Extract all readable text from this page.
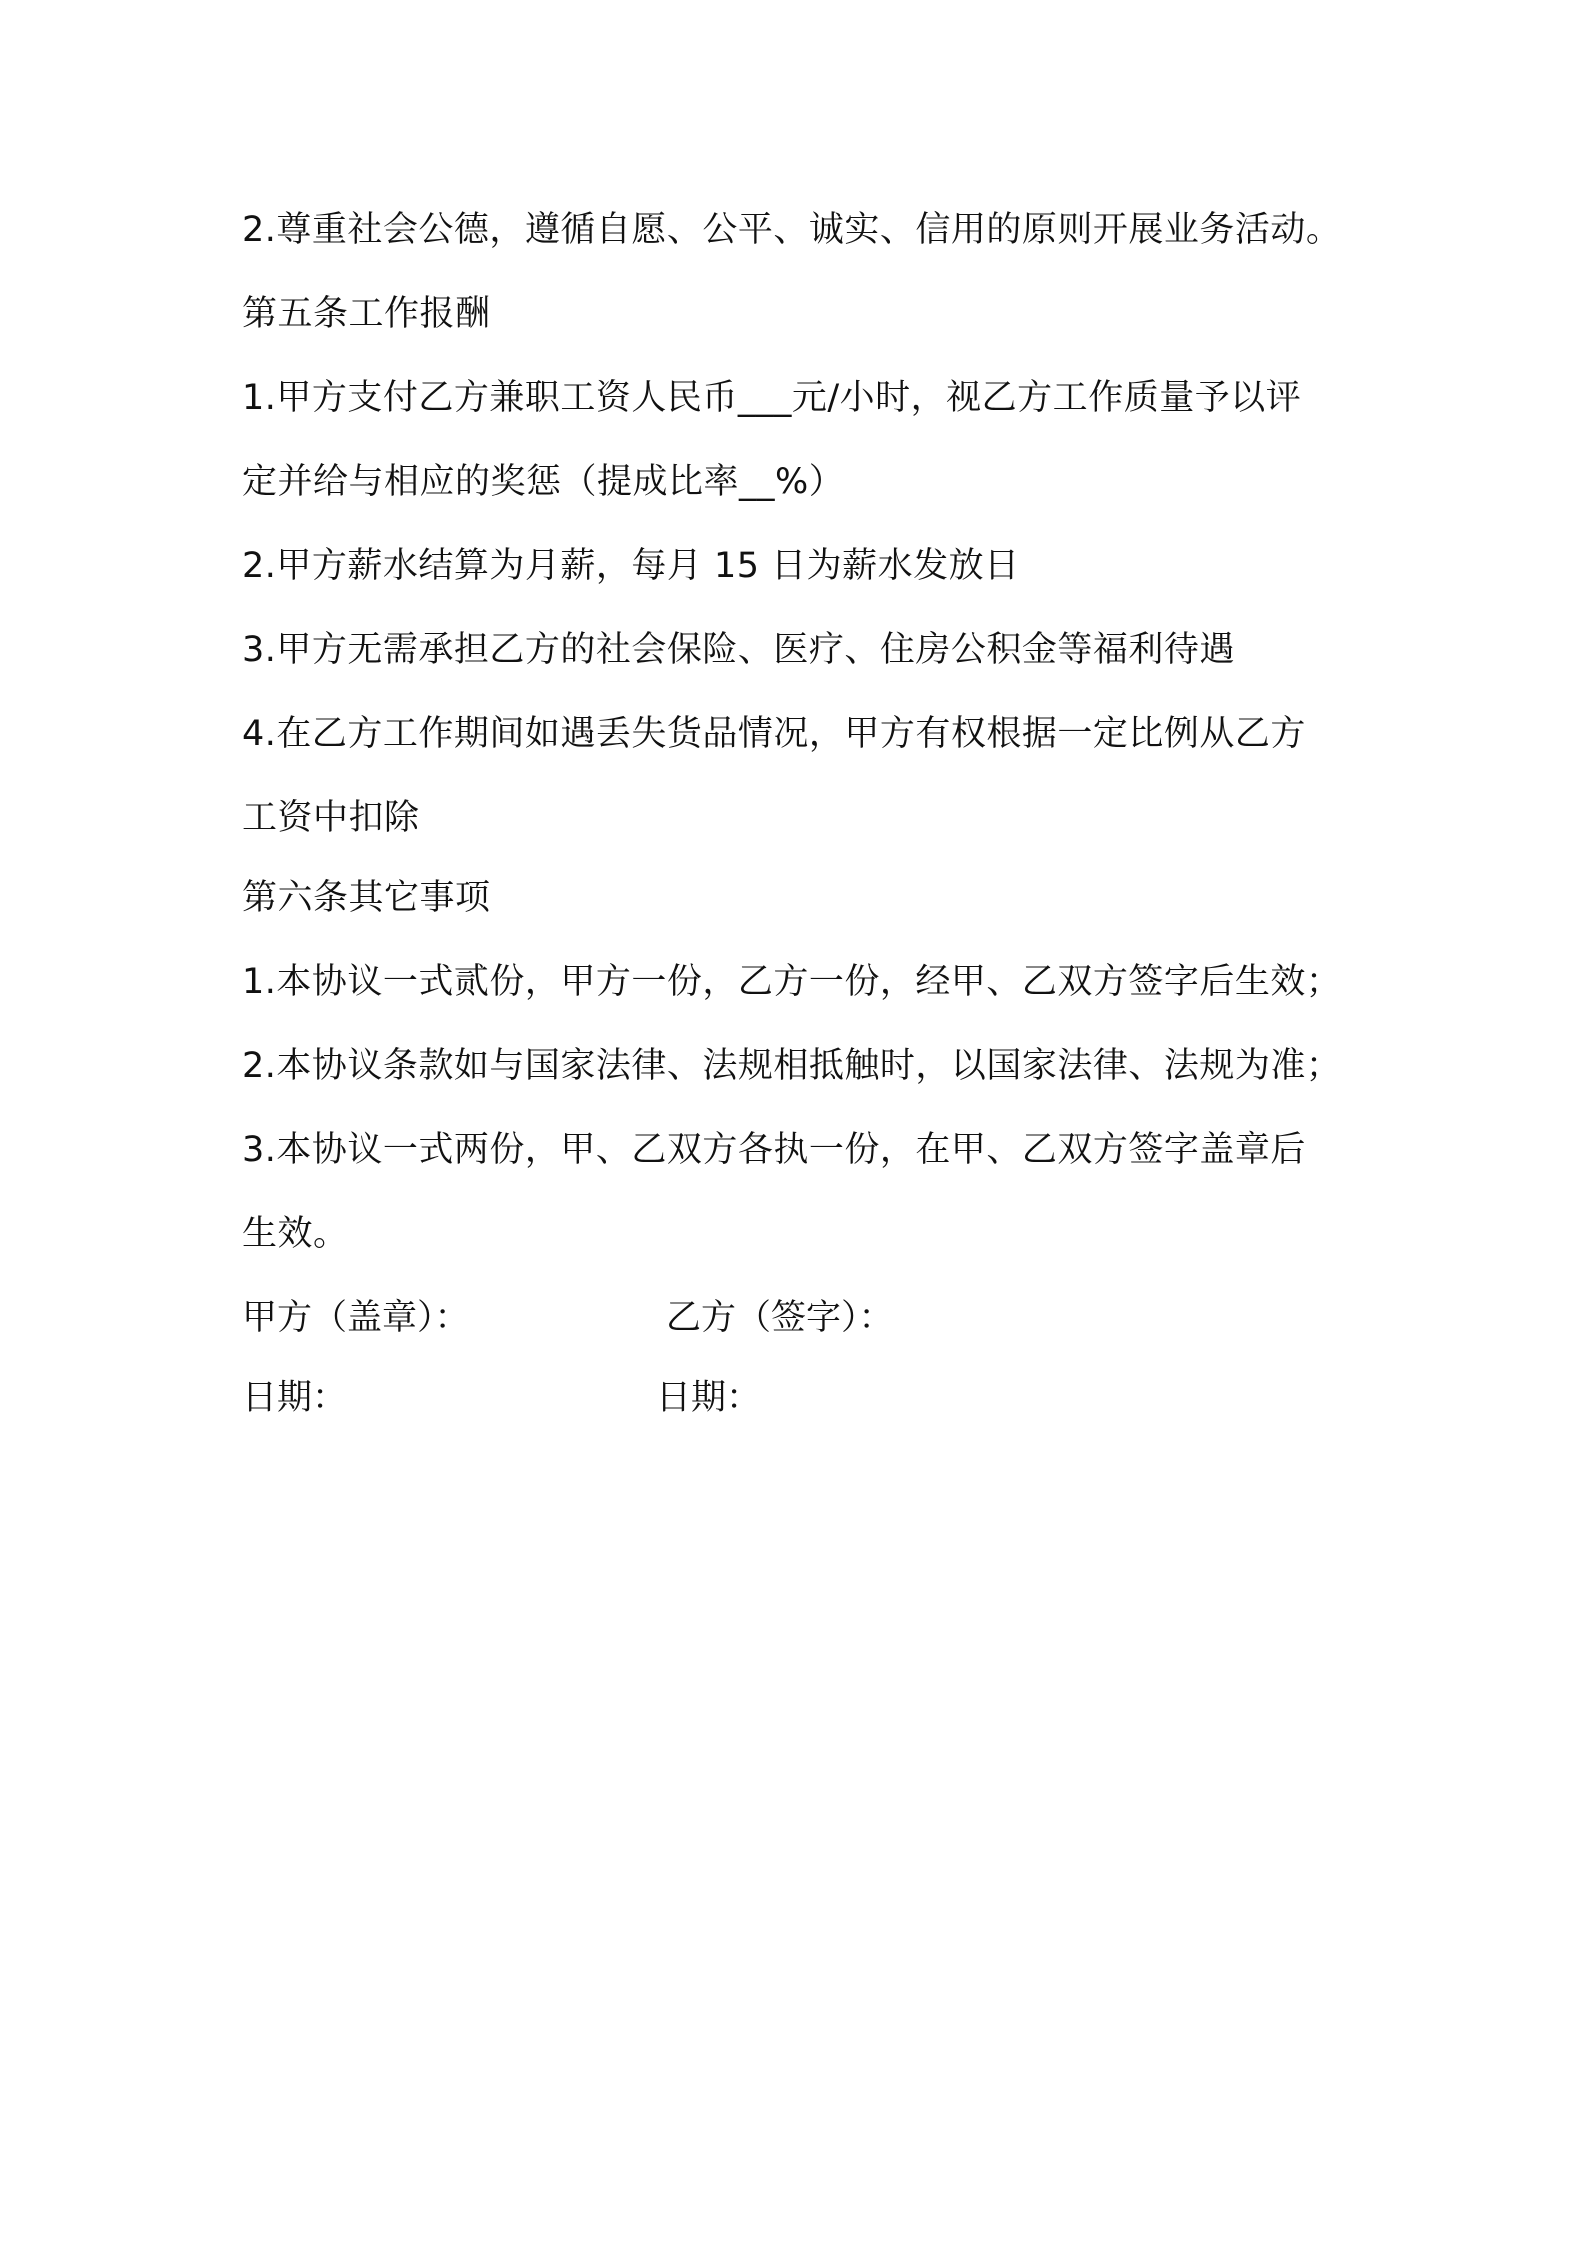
2.尊重社会公德，遵循自愿、公平、诚实、信用的原则开展业务活动。
第五条工作报酬
1.甲方支付乙方兼职工资人民币___元/小时，视乙方工作质量予以评
定并给与相应的奖惩（提成比率__%）
2.甲方薪水结算为月薪，每月 15 日为薪水发放日
3.甲方无需承担乙方的社会保险、医疗、住房公积金等福利待遇
4.在乙方工作期间如遇丢失货品情况，甲方有权根据一定比例从乙方
工资中扣除
第六条其它事项
1.本协议一式贰份，甲方一份，乙方一份，经甲、乙双方签字后生效；
2.本协议条款如与国家法律、法规相抵触时，以国家法律、法规为准；
3.本协议一式两份，甲、乙双方各执一份，在甲、乙双方签字盖章后
生效。
甲方（盖章）：	乙方（签字）：
日期：	日期：
